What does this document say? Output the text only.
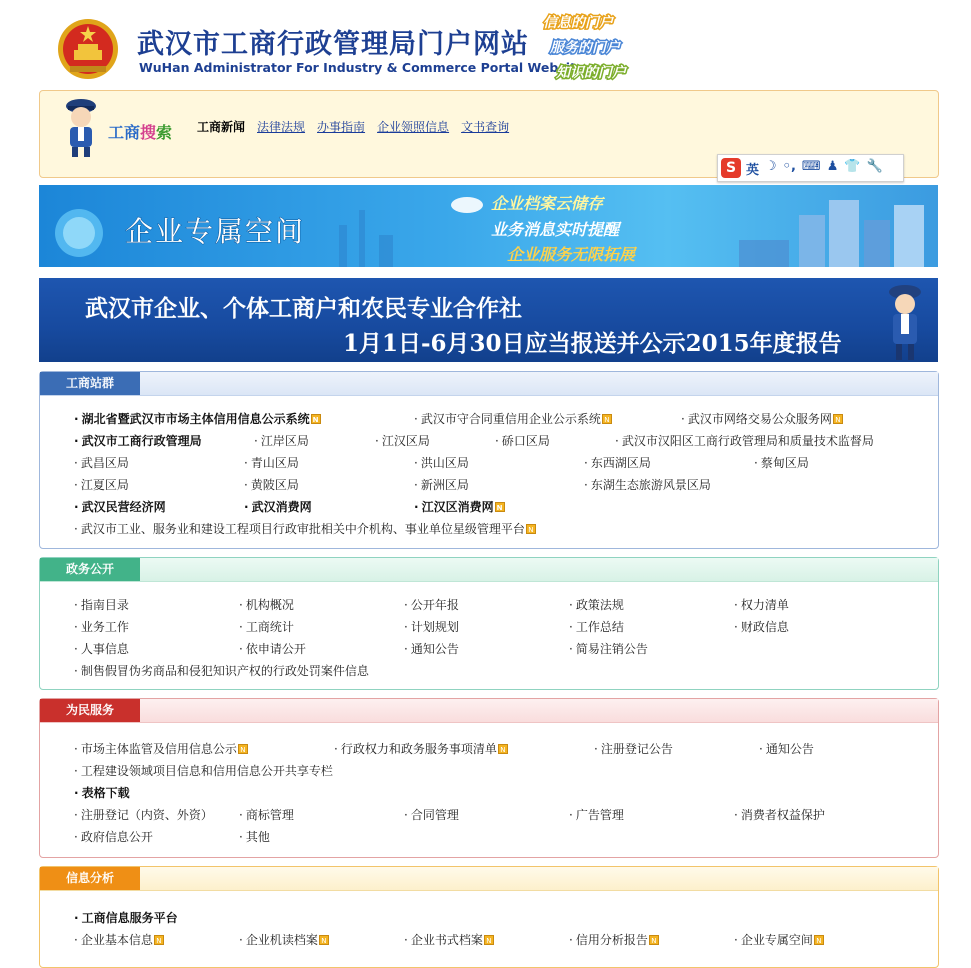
武汉市工商行政管理局门户网站
WuHan Administrator For Industry & Commerce Portal Website
信息的门户
服务的门户
知识的门户
工商搜索 工商新闻 法律法规 办事指南 企业领照信息 文书查询
S 英 ☽ ◦, ⌨ ♟ 👕 🔧
企业专属空间
企业档案云储存
业务消息实时提醒
企业服务无限拓展
武汉市企业、个体工商户和农民专业合作社
1月1日-6月30日应当报送并公示2015年度报告
工商站群
· 湖北省暨武汉市市场主体信用信息公示系统 N	· 武汉市守合同重信用企业公示系统 N	· 武汉市网络交易公众服务网 N
· 武汉市工商行政管理局	· 江岸区局	· 江汉区局	· 硚口区局	· 武汉市汉阳区工商行政管理局和质量技术监督局
· 武昌区局	· 青山区局	· 洪山区局	· 东西湖区局	· 蔡甸区局
· 江夏区局	· 黄陂区局	· 新洲区局	· 东湖生态旅游风景区局
· 武汉民营经济网	· 武汉消费网	· 江汉区消费网 N
· 武汉市工业、服务业和建设工程项目行政审批相关中介机构、事业单位星级管理平台 N
政务公开
· 指南目录	· 机构概况	· 公开年报	· 政策法规	· 权力清单
· 业务工作	· 工商统计	· 计划规划	· 工作总结	· 财政信息
· 人事信息	· 依申请公开	· 通知公告	· 简易注销公告
· 制售假冒伪劣商品和侵犯知识产权的行政处罚案件信息
为民服务
· 市场主体监管及信用信息公示 N	· 行政权力和政务服务事项清单 N	· 注册登记公告	· 通知公告
· 工程建设领域项目信息和信用信息公开共享专栏
· 表格下载
· 注册登记（内资、外资）	· 商标管理	· 合同管理	· 广告管理	· 消费者权益保护
· 政府信息公开	· 其他
信息分析
· 工商信息服务平台
· 企业基本信息 N	· 企业机读档案 N	· 企业书式档案 N	· 信用分析报告 N	· 企业专属空间 N
